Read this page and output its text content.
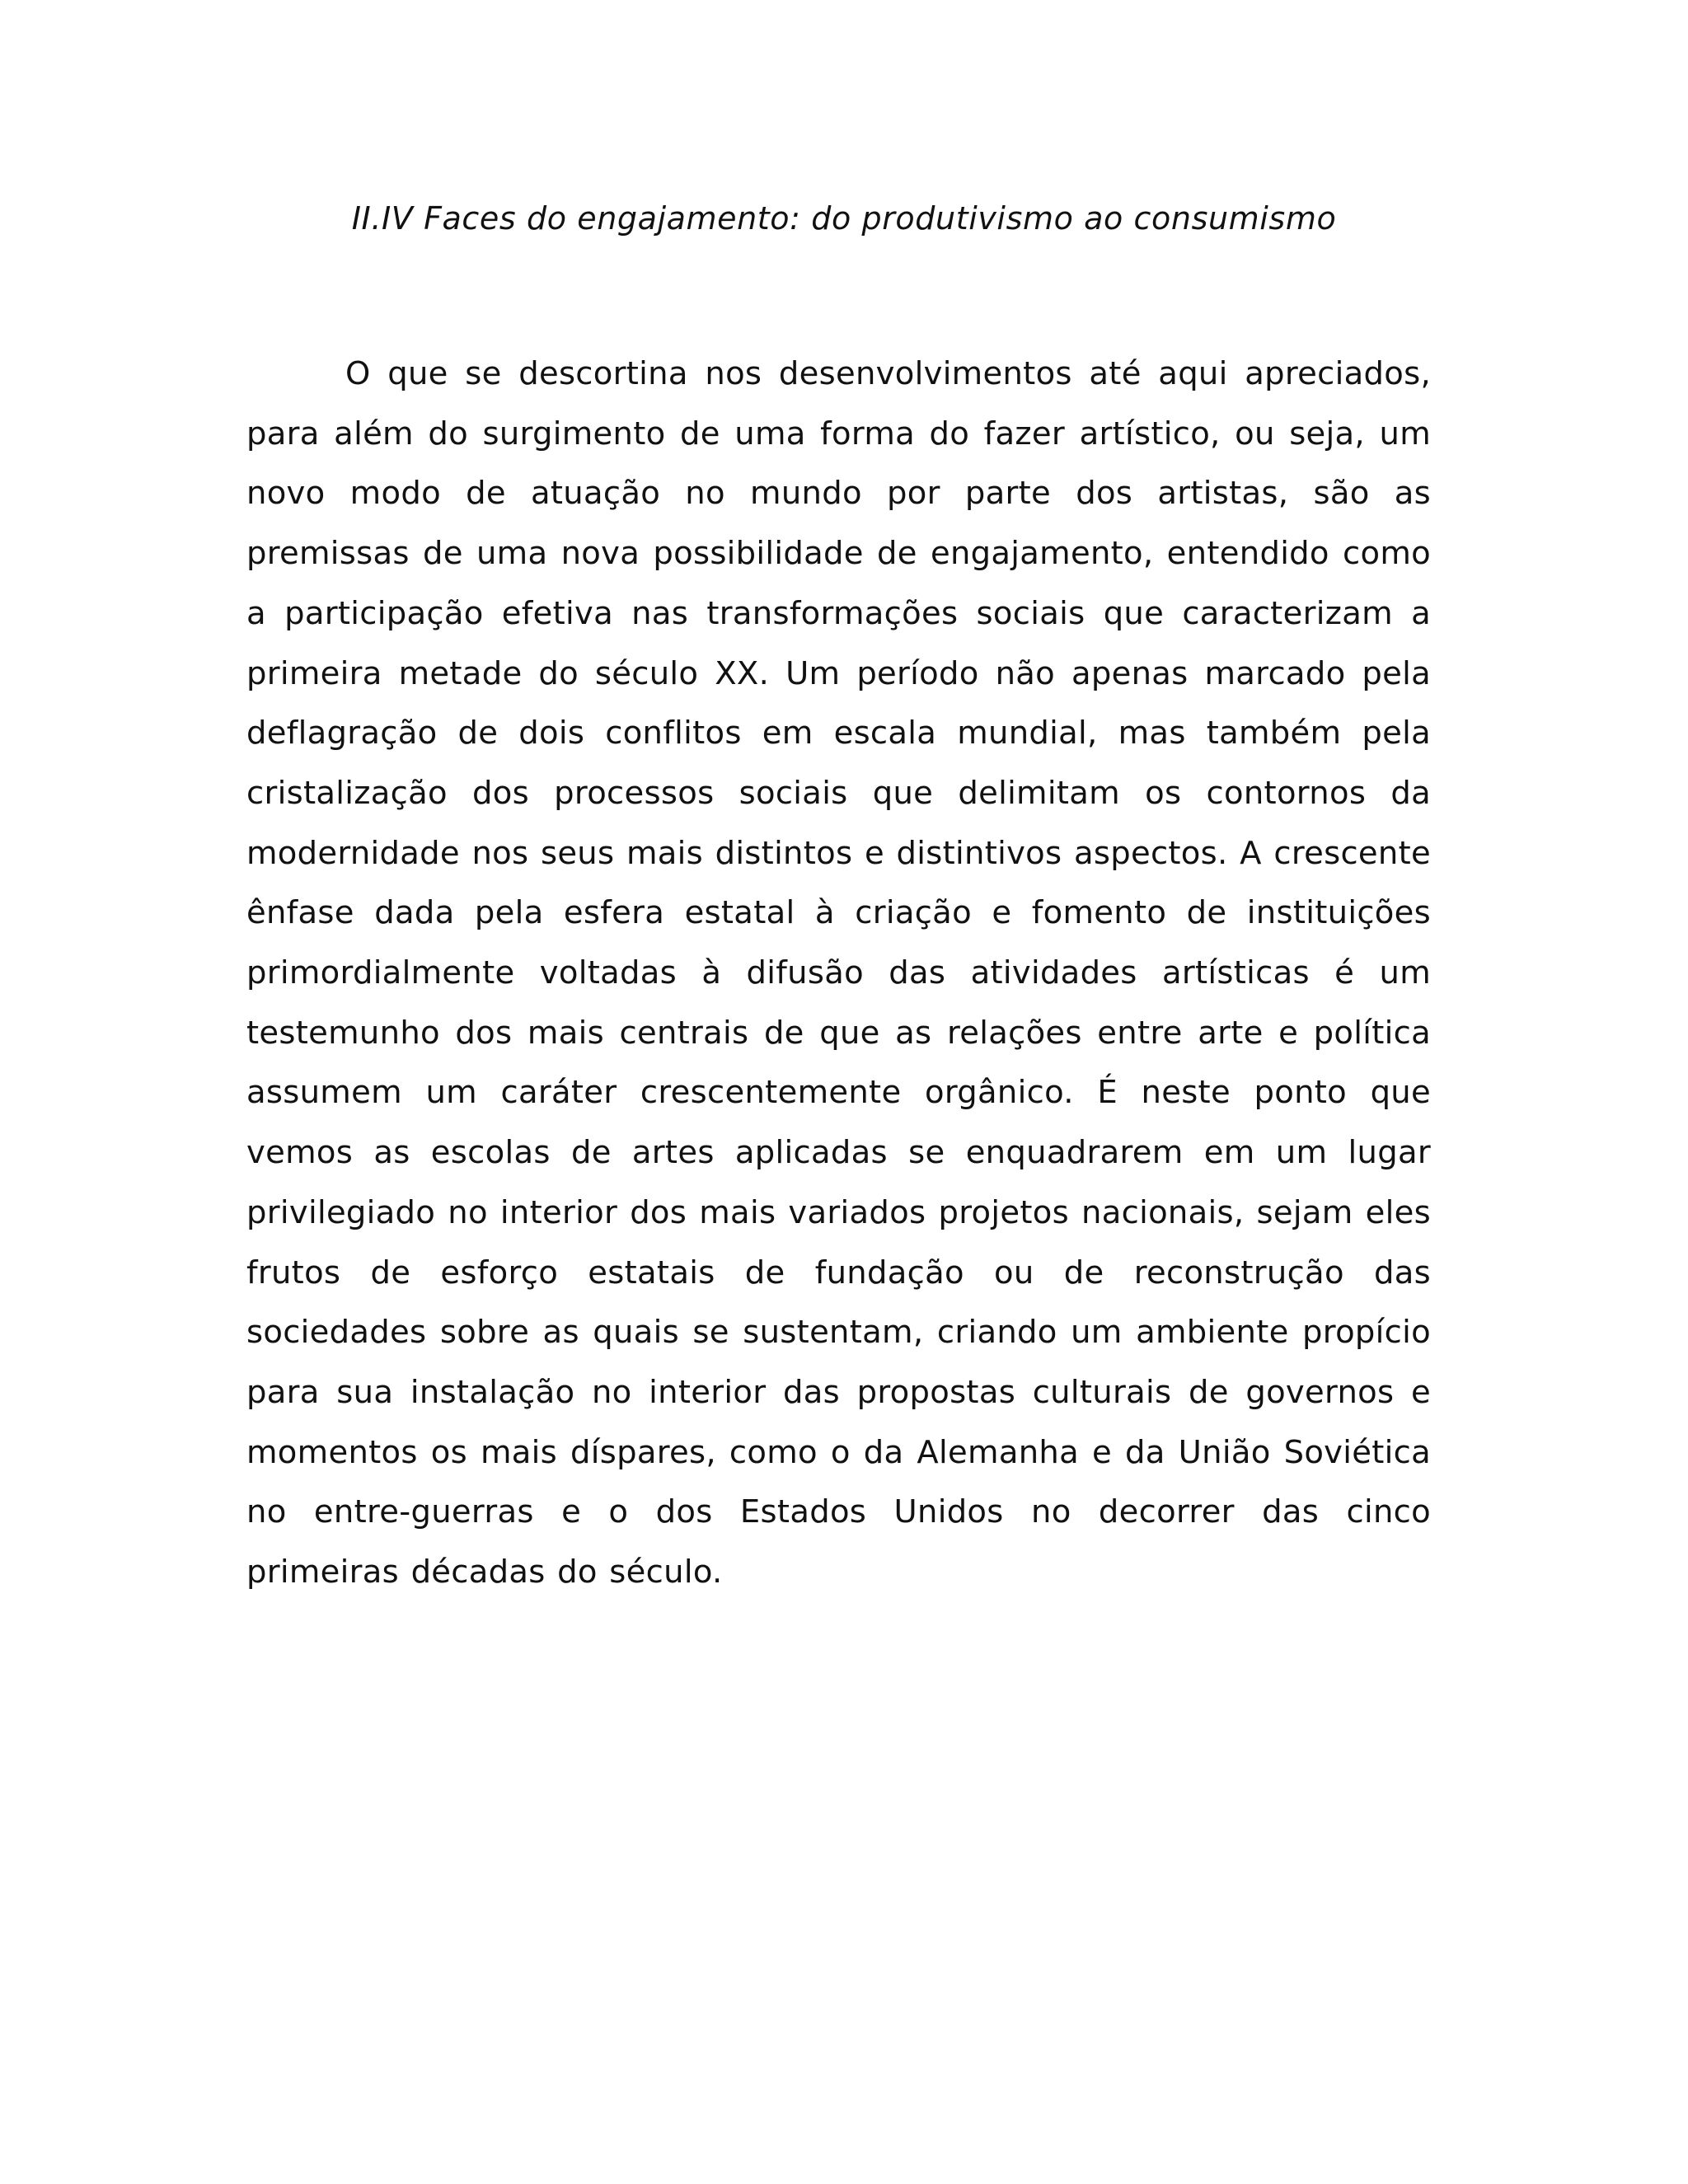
II.IV Faces do engajamento: do produtivismo ao consumismo

O que se descortina nos desenvolvimentos até aqui apreciados, para além do surgimento de uma forma do fazer artístico, ou seja, um novo modo de atuação no mundo por parte dos artistas, são as premissas de uma nova possibilidade de engajamento, entendido como a participação efetiva nas transformações sociais que caracterizam a primeira metade do século XX. Um período não apenas marcado pela deflagração de dois conflitos em escala mundial, mas também pela cristalização dos processos sociais que delimitam os contornos da modernidade nos seus mais distintos e distintivos aspectos. A crescente ênfase dada pela esfera estatal à criação e fomento de instituições primordialmente voltadas à difusão das atividades artísticas é um testemunho dos mais centrais de que as relações entre arte e política assumem um caráter crescentemente orgânico. É neste ponto que vemos as escolas de artes aplicadas se enquadrarem em um lugar privilegiado no interior dos mais variados projetos nacionais, sejam eles frutos de esforço estatais de fundação ou de reconstrução das sociedades sobre as quais se sustentam, criando um ambiente propício para sua instalação no interior das propostas culturais de governos e momentos os mais díspares, como o da Alemanha e da União Soviética no entre-guerras e o dos Estados Unidos no decorrer das cinco primeiras décadas do século.
